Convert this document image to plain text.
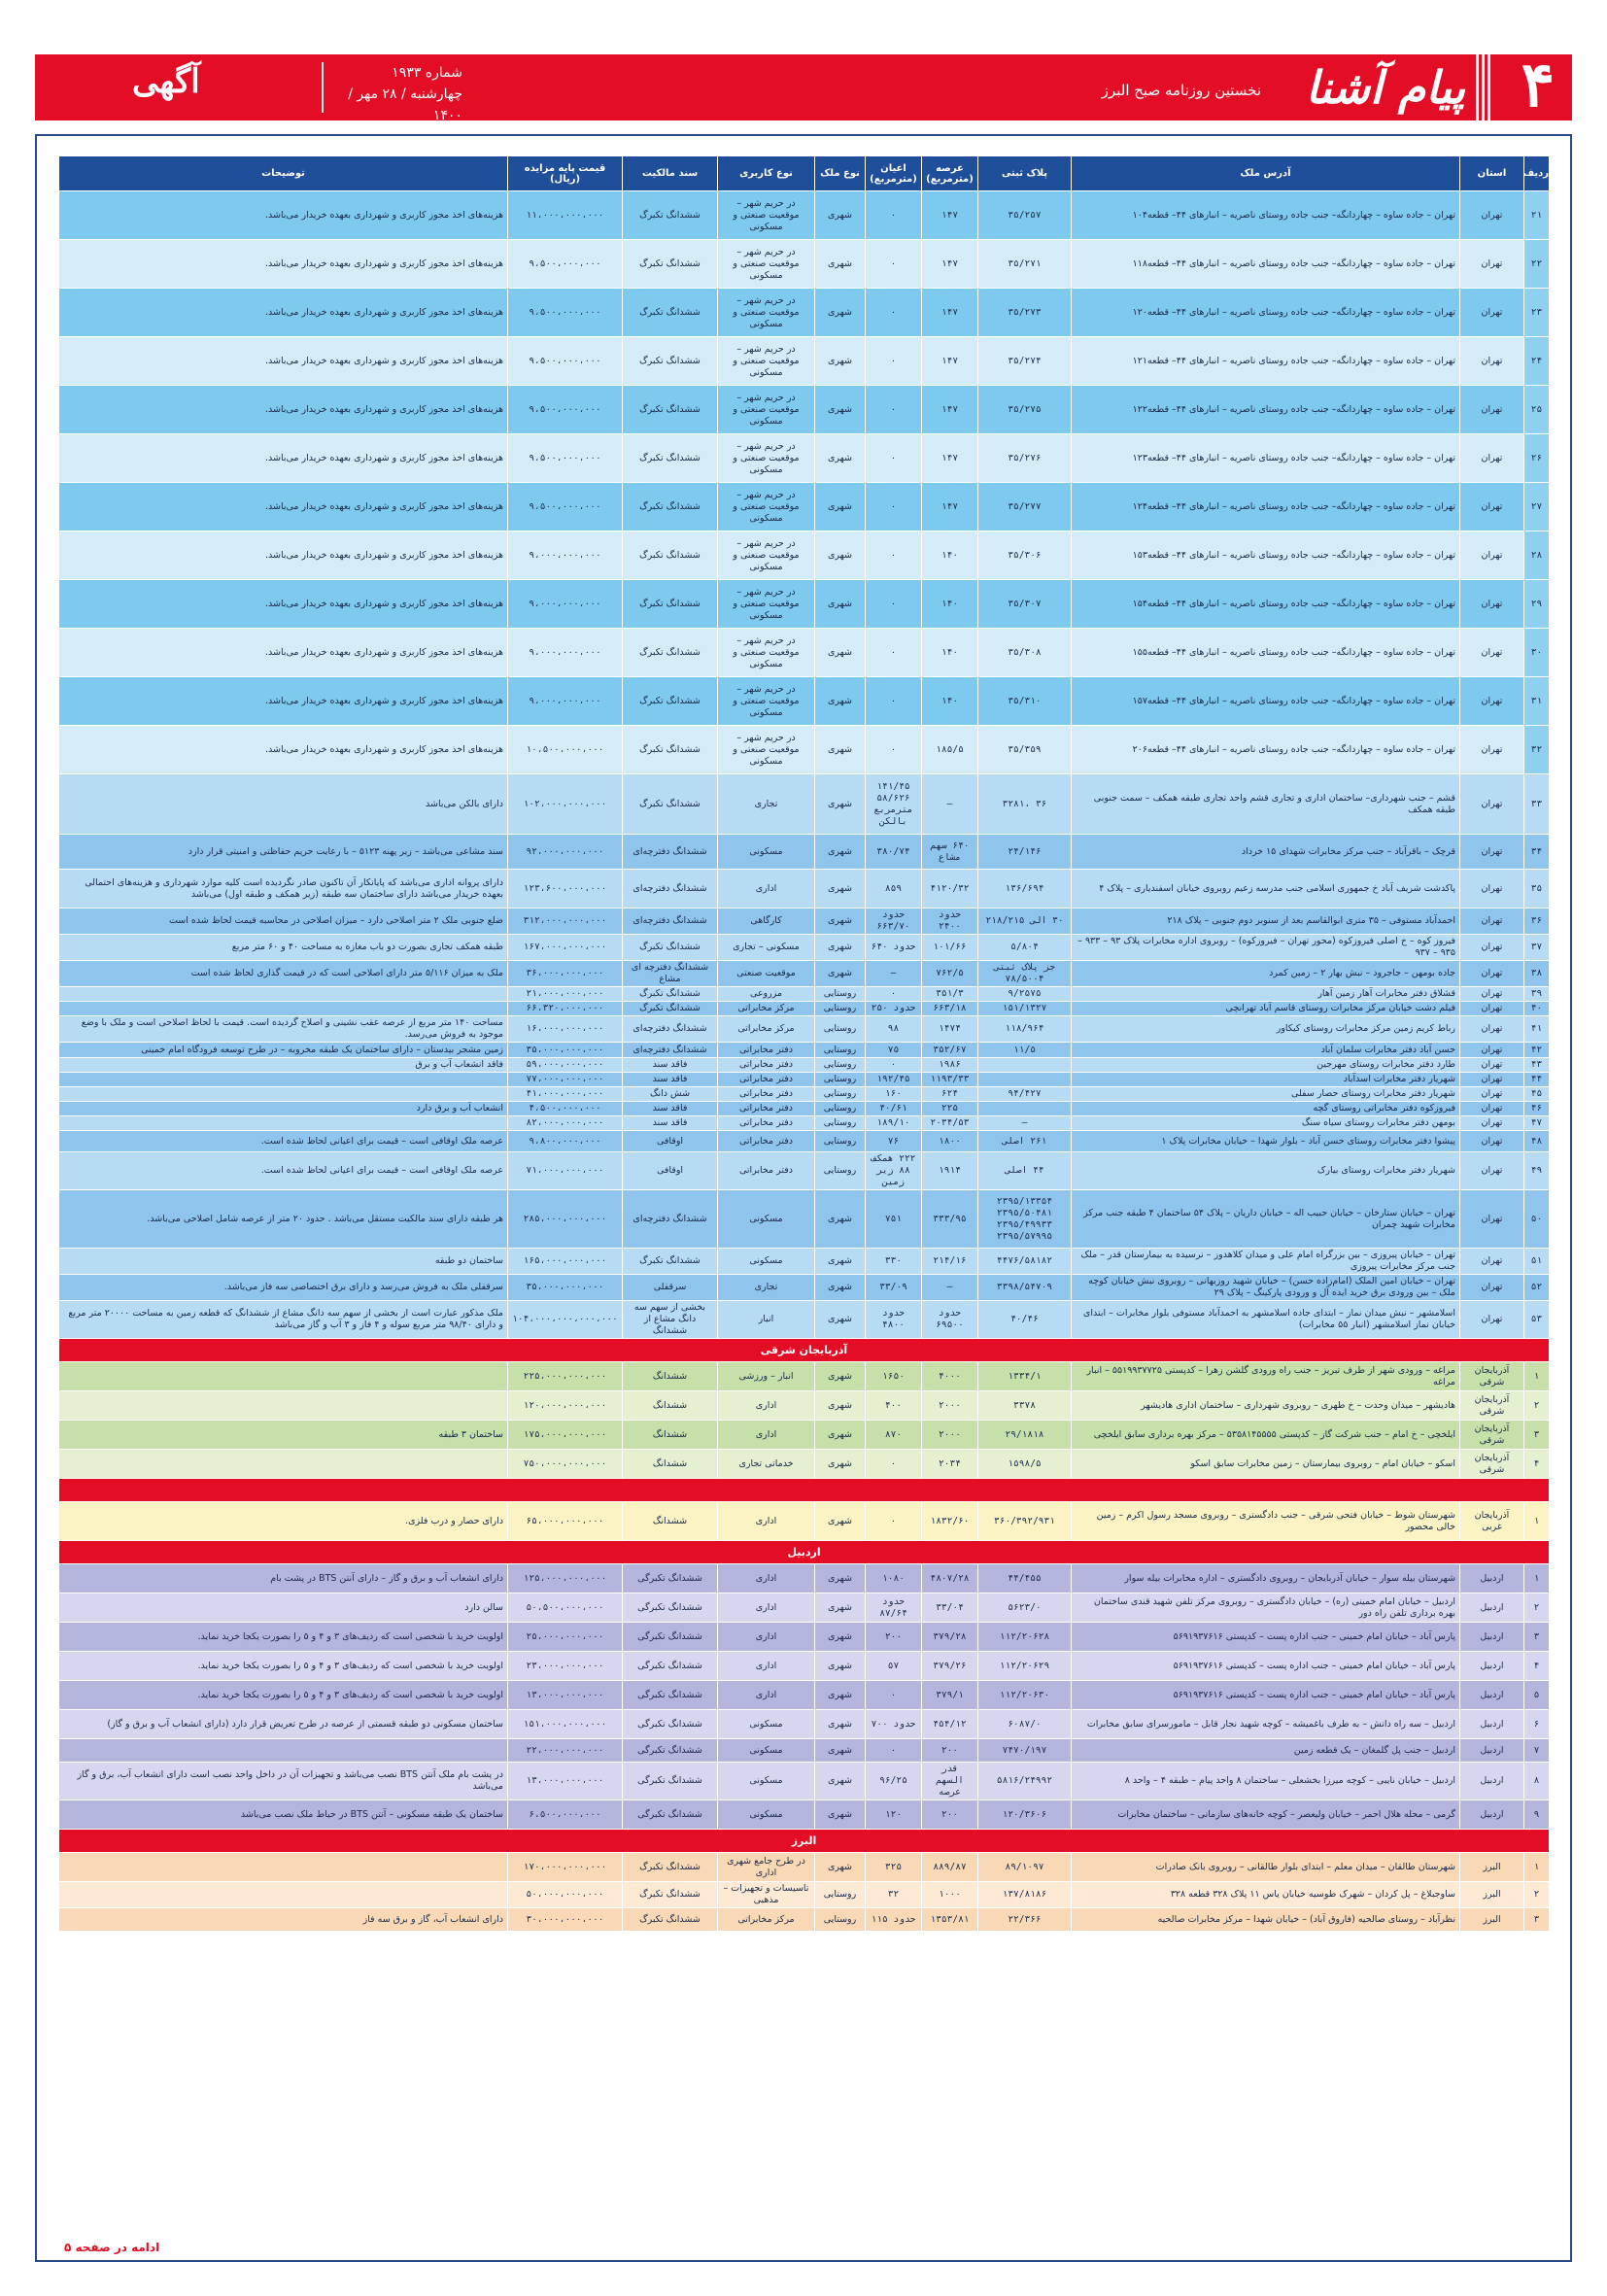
۴
پیام آشنا
نخستین روزنامه صبح البرز
شماره ۱۹۳۳
چهارشنبه / ۲۸ مهر / ۱۴۰۰
آگهی
ردیف	استان	آدرس ملک	پلاک ثبتی	عرصه (مترمربع)	اعیان (مترمربع)	نوع ملک	نوع کاربری	سند مالکیت	قیمت پایه مزایده (ریال)	توضیحات
۲۱	تهران	تهران – جاده ساوه – چهاردانگه– جنب جاده روستای ناصریه – انبارهای ۴۴– قطعه۱۰۴	۳۵/۲۵۷	۱۴۷	۰	شهری	در حریم شهر – موقعیت صنعتی و مسکونی	ششدانگ تکبرگ	۱۱،۰۰۰،۰۰۰،۰۰۰	هزینه‌های اخذ مجوز کاربری و شهرداری بعهده خریدار می‌باشد.
۲۲	تهران	تهران – جاده ساوه – چهاردانگه– جنب جاده روستای ناصریه – انبارهای ۴۴– قطعه۱۱۸	۳۵/۲۷۱	۱۴۷	۰	شهری	در حریم شهر – موقعیت صنعتی و مسکونی	ششدانگ تکبرگ	۹،۵۰۰،۰۰۰،۰۰۰	هزینه‌های اخذ مجوز کاربری و شهرداری بعهده خریدار می‌باشد.
۲۳	تهران	تهران – جاده ساوه – چهاردانگه– جنب جاده روستای ناصریه – انبارهای ۴۴– قطعه۱۲۰	۳۵/۲۷۳	۱۴۷	۰	شهری	در حریم شهر – موقعیت صنعتی و مسکونی	ششدانگ تکبرگ	۹،۵۰۰،۰۰۰،۰۰۰	هزینه‌های اخذ مجوز کاربری و شهرداری بعهده خریدار می‌باشد.
۲۴	تهران	تهران – جاده ساوه – چهاردانگه– جنب جاده روستای ناصریه – انبارهای ۴۴– قطعه۱۲۱	۳۵/۲۷۴	۱۴۷	۰	شهری	در حریم شهر – موقعیت صنعتی و مسکونی	ششدانگ تکبرگ	۹،۵۰۰،۰۰۰،۰۰۰	هزینه‌های اخذ مجوز کاربری و شهرداری بعهده خریدار می‌باشد.
۲۵	تهران	تهران – جاده ساوه – چهاردانگه– جنب جاده روستای ناصریه – انبارهای ۴۴– قطعه۱۲۲	۳۵/۲۷۵	۱۴۷	۰	شهری	در حریم شهر – موقعیت صنعتی و مسکونی	ششدانگ تکبرگ	۹،۵۰۰،۰۰۰،۰۰۰	هزینه‌های اخذ مجوز کاربری و شهرداری بعهده خریدار می‌باشد.
۲۶	تهران	تهران – جاده ساوه – چهاردانگه– جنب جاده روستای ناصریه – انبارهای ۴۴– قطعه۱۲۳	۳۵/۲۷۶	۱۴۷	۰	شهری	در حریم شهر – موقعیت صنعتی و مسکونی	ششدانگ تکبرگ	۹،۵۰۰،۰۰۰،۰۰۰	هزینه‌های اخذ مجوز کاربری و شهرداری بعهده خریدار می‌باشد.
۲۷	تهران	تهران – جاده ساوه – چهاردانگه– جنب جاده روستای ناصریه – انبارهای ۴۴– قطعه۱۲۴	۳۵/۲۷۷	۱۴۷	۰	شهری	در حریم شهر – موقعیت صنعتی و مسکونی	ششدانگ تکبرگ	۹،۵۰۰،۰۰۰،۰۰۰	هزینه‌های اخذ مجوز کاربری و شهرداری بعهده خریدار می‌باشد.
۲۸	تهران	تهران – جاده ساوه – چهاردانگه– جنب جاده روستای ناصریه – انبارهای ۴۴– قطعه۱۵۳	۳۵/۳۰۶	۱۴۰	۰	شهری	در حریم شهر – موقعیت صنعتی و مسکونی	ششدانگ تکبرگ	۹،۰۰۰،۰۰۰،۰۰۰	هزینه‌های اخذ مجوز کاربری و شهرداری بعهده خریدار می‌باشد.
۲۹	تهران	تهران – جاده ساوه – چهاردانگه– جنب جاده روستای ناصریه – انبارهای ۴۴– قطعه۱۵۴	۳۵/۳۰۷	۱۴۰	۰	شهری	در حریم شهر – موقعیت صنعتی و مسکونی	ششدانگ تکبرگ	۹،۰۰۰،۰۰۰،۰۰۰	هزینه‌های اخذ مجوز کاربری و شهرداری بعهده خریدار می‌باشد.
۳۰	تهران	تهران – جاده ساوه – چهاردانگه– جنب جاده روستای ناصریه – انبارهای ۴۴– قطعه۱۵۵	۳۵/۳۰۸	۱۴۰	۰	شهری	در حریم شهر – موقعیت صنعتی و مسکونی	ششدانگ تکبرگ	۹،۰۰۰،۰۰۰،۰۰۰	هزینه‌های اخذ مجوز کاربری و شهرداری بعهده خریدار می‌باشد.
۳۱	تهران	تهران – جاده ساوه – چهاردانگه– جنب جاده روستای ناصریه – انبارهای ۴۴– قطعه۱۵۷	۳۵/۳۱۰	۱۴۰	۰	شهری	در حریم شهر – موقعیت صنعتی و مسکونی	ششدانگ تکبرگ	۹،۰۰۰،۰۰۰،۰۰۰	هزینه‌های اخذ مجوز کاربری و شهرداری بعهده خریدار می‌باشد.
۳۲	تهران	تهران – جاده ساوه – چهاردانگه– جنب جاده روستای ناصریه – انبارهای ۴۴– قطعه۲۰۶	۳۵/۳۵۹	۱۸۵/۵	۰	شهری	در حریم شهر – موقعیت صنعتی و مسکونی	ششدانگ تکبرگ	۱۰،۵۰۰،۰۰۰،۰۰۰	هزینه‌های اخذ مجوز کاربری و شهرداری بعهده خریدار می‌باشد.
۳۳	تهران	قشم – جنب شهرداری– ساختمان اداری و تجاری قشم واحد تجاری طبقه همکف – سمت جنوبی طبقه همکف	۳۶ ،۳۲۸۱	–	۱۴۱/۴۵ ۵۸/۶۲۶ مترمربع بالکن	شهری	تجاری	ششدانگ تکبرگ	۱۰۲،۰۰۰،۰۰۰،۰۰۰	دارای بالکن می‌باشد
۳۴	تهران	قرچک – باقرآباد – جنب مرکز مخابرات شهدای ۱۵ خرداد	۲۴/۱۴۶	۶۴۰ سهم مشاع	۳۸۰/۷۴	شهری	مسکونی	ششدانگ دفترچه‌ای	۹۲،۰۰۰،۰۰۰،۰۰۰	سند مشاعی می‌باشد – زیر پهنه ۵۱۲۳ – با رعایت حریم حفاظتی و امنیتی قرار دارد
۳۵	تهران	پاکدشت شریف آباد خ جمهوری اسلامی جنب مدرسه زعیم روبروی خیابان اسفندیاری – پلاک ۴	۱۳۶/۶۹۴	۴۱۲۰/۳۲	۸۵۹	شهری	اداری	ششدانگ دفترچه‌ای	۱۲۳،۶۰۰،۰۰۰،۰۰۰	دارای پروانه اداری می‌باشد که پایانکار آن تاکنون صادر نگردیده است کلیه موارد شهرداری و هزینه‌های احتمالی بعهده خریدار می‌باشد دارای ساختمان سه طبقه (زیر همکف و طبقه اول) می‌باشد
۳۶	تهران	احمدآباد مستوفی – ۳۵ متری ابوالقاسم بعد از سنوبر دوم جنوبی – پلاک ۲۱۸	۳۰ الی ۲۱۸/۲۱۵	حدود ۲۴۰۰	حدود ۶۶۳/۷۰	شهری	کارگاهی	ششدانگ دفترچه‌ای	۳۱۲،۰۰۰،۰۰۰،۰۰۰	ضلع جنوبی ملک ۲ متر اصلاحی دارد – میزان اصلاحی در محاسبه قیمت لحاظ شده است
۳۷	تهران	فیروز کوه – خ اصلی فیروزکوه (محور تهران – فیروزکوه) – روبروی اداره مخابرات پلاک ۹۳ – ۹۳۳ – ۹۳۵ – ۹۳۷	۵/۸۰۴	۱۰۱/۶۶	حدود ۶۴۰	شهری	مسکونی – تجاری	ششدانگ تکبرگ	۱۶۷،۰۰۰،۰۰۰،۰۰۰	طبقه همکف تجاری بصورت دو باب مغازه به مساحت ۴۰ و ۶۰ متر مربع
۳۸	تهران	جاده بومهن – جاجرود – نبش بهار ۲ – زمین کمرد	جز پلاک ثبتی ۷۸/۵۰۰۴	۷۶۲/۵	–	شهری	موقعیت صنعتی	ششدانگ دفترچه ای مشاع	۳۶،۰۰۰،۰۰۰،۰۰۰	ملک به میزان ۵/۱۱۶ متر دارای اصلاحی است که در قیمت گذاری لحاظ شده است
۳۹	تهران	قشلاق دفتر مخابرات آهار زمین آهار	۹/۲۵۷۵	۳۵۱/۳	۰	روستایی	مزروعی	ششدانگ تکبرگ	۲۱،۰۰۰،۰۰۰،۰۰۰	
۴۰	تهران	فیلم دشت خیابان مرکز مخابرات روستای قاسم آباد تهرانچی	۱۵۱/۱۳۲۷	۶۶۳/۱۸	حدود ۲۵۰	روستایی	مرکز مخابراتی	ششدانگ تکبرگ	۶۶،۳۲۰،۰۰۰،۰۰۰	
۴۱	تهران	رباط کریم زمین مرکز مخابرات روستای کیکاور	۱۱۸/۹۶۴	۱۴۷۴	۹۸	روستایی	مرکز مخابراتی	ششدانگ دفترچه‌ای	۱۶،۰۰۰،۰۰۰،۰۰۰	مساحت ۱۴۰ متر مربع از عرصه عقب نشینی و اصلاح گردیده است. قیمت با لحاظ اصلاحی است و ملک با وضع موجود به فروش می‌رسد.
۴۲	تهران	حسن آباد دفتر مخابرات سلمان آباد	۱۱/۵	۳۵۲/۶۷	۷۵	روستایی	دفتر مخابراتی	ششدانگ دفترچه‌ای	۳۵،۰۰۰،۰۰۰،۰۰۰	زمین مشجر بیدستان – دارای ساختمان یک طبقه مخروبه – در طرح توسعه فرودگاه امام خمینی
۴۳	تهران	طارد دفتر مخابرات روستای مهرجین		۱۹۸۶	۰	روستایی	دفتر مخابراتی	فاقد سند	۵۹،۰۰۰،۰۰۰،۰۰۰	فاقد انشعاب آب و برق
۴۴	تهران	شهریار دفتر مخابرات اسدآباد		۱۱۹۳/۳۳	۱۹۲/۴۵	روستایی	دفتر مخابراتی	فاقد سند	۷۷،۰۰۰،۰۰۰،۰۰۰	
۴۵	تهران	شهریار دفتر مخابرات روستای حصار سفلی	۹۴/۴۲۷	۶۲۴	۱۶۰	روستایی	دفتر مخابراتی	شش دانگ	۴۱،۰۰۰،۰۰۰،۰۰۰	
۴۶	تهران	فیروزکوه دفتر مخابراتی روستای گچه		۲۲۵	۴۰/۶۱	روستایی	دفتر مخابراتی	فاقد سند	۴،۵۰۰،۰۰۰،۰۰۰	انشعاب آب و برق دارد
۴۷	تهران	بومهن دفتر مخابرات روستای سیاه سنگ	–	۲۰۳۴/۵۳	۱۸۹/۱۰	روستایی	دفتر مخابراتی	فاقد سند	۸۲،۰۰۰،۰۰۰،۰۰۰	
۴۸	تهران	پیشوا دفتر مخابرات روستای حسن آباد – بلوار شهدا – خیابان مخابرات پلاک ۱	۲۶۱ اصلی	۱۸۰۰	۷۶	روستایی	دفتر مخابراتی	اوقافی	۹،۸۰۰،۰۰۰،۰۰۰	عرصه ملک اوقافی است – قیمت برای اعیانی لحاظ شده است.
۴۹	تهران	شهریار دفتر مخابرات روستای بیارک	۴۴ اصلی	۱۹۱۴	۲۲۲ همکف ۸۸ زیر زمین	روستایی	دفتر مخابراتی	اوقافی	۷۱،۰۰۰،۰۰۰،۰۰۰	عرصه ملک اوقافی است – قیمت برای اعیانی لحاظ شده است.
۵۰	تهران	تهران – خیابان ستارخان – خیابان حبیب اله – خیابان داریان – پلاک ۵۴ ساختمان ۴ طبقه جنب مرکز مخابرات شهید چمران	۲۳۹۵/۱۳۳۵۴ ۲۳۹۵/۵۰۴۸۱ ۲۳۹۵/۴۹۹۳۳ ۲۳۹۵/۵۷۹۹۵	۳۳۳/۹۵	۷۵۱	شهری	مسکونی	ششدانگ دفترچه‌ای	۲۸۵،۰۰۰،۰۰۰،۰۰۰	هر طبقه دارای سند مالکیت مستقل می‌باشد . حدود ۲۰ متر از عرصه شامل اصلاحی می‌باشد.
۵۱	تهران	تهران – خیابان پیروزی – بین بزرگراه امام علی و میدان کلاهدوز – نرسیده به بیمارستان قدر – ملک جنب مرکز مخابرات پیروزی	۴۴۷۶/۵۸۱۸۲	۲۱۴/۱۶	۳۳۰	شهری	مسکونی	ششدانگ تکبرگ	۱۶۵،۰۰۰،۰۰۰،۰۰۰	ساختمان دو طبقه
۵۲	تهران	تهران – خیابان امین الملک (امام‌زاده حسن) – خیابان شهید روزبهانی – روبروی نبش خیابان کوچه ملک – بین ورودی برق خرید ایده آل و ورودی پارکینگ – پلاک ۲۹	۳۳۹۸/۵۴۷۰۹	–	۳۳/۰۹	شهری	تجاری	سرقفلی	۳۵،۰۰۰،۰۰۰،۰۰۰	سرقفلی ملک به فروش می‌رسد و دارای برق اختصاصی سه فاز می‌باشد.
۵۳	تهران	اسلامشهر – نبش میدان نماز – ابتدای جاده اسلامشهر به احمدآباد مستوفی بلوار مخابرات – ابتدای خیابان نماز اسلامشهر (انبار ۵۵ مخابرات)	۴۰/۴۶	حدود ۶۹۵۰۰	حدود ۴۸۰۰	شهری	انبار	بخشی از سهم سه دانگ مشاع از ششدانگ	۱۰۴،۰۰۰،۰۰۰،۰۰۰،۰۰۰	ملک مذکور عبارت است از بخشی از سهم سه دانگ مشاع از ششدانگ که قطعه زمین به مساحت ۲۰۰۰۰ متر مربع و دارای ۹۸/۴۰ متر مربع سوله و ۴ فاز و ۳ آب و گاز می‌باشد
آذربایجان شرقی										
۱	آذربایجان شرقی	مراغه – ورودی شهر از طرف تبریز – جنب راه ورودی گلشن زهرا – کدپستی ۵۵۱۹۹۳۷۷۲۵ – انبار مراغه	۱۳۳۴/۱	۴۰۰۰	۱۶۵۰	شهری	انبار – ورزشی	ششدانگ	۲۲۵،۰۰۰،۰۰۰،۰۰۰	
۲	آذربایجان شرقی	هادیشهر – میدان وحدت – خ طهری – روبروی شهرداری – ساختمان اداری هادیشهر	۳۳۷۸	۲۰۰۰	۴۰۰	شهری	اداری	ششدانگ	۱۲۰،۰۰۰،۰۰۰،۰۰۰	
۳	آذربایجان شرقی	ایلخچی – خ امام – جنب شرکت گاز – کدپستی ۵۳۵۸۱۴۵۵۵۵ – مرکز بهره برداری سابق ایلخچی	۲۹/۱۸۱۸	۲۰۰۰	۸۷۰	شهری	اداری	ششدانگ	۱۷۵،۰۰۰،۰۰۰،۰۰۰	ساختمان ۳ طبقه
۴	آذربایجان شرقی	اسکو – خیابان امام – روبروی بیمارستان – زمین مخابرات سابق اسکو	۱۵۹۸/۵	۲۰۳۴	۰	شهری	خدماتی تجاری	ششدانگ	۷۵۰،۰۰۰،۰۰۰،۰۰۰	

۱	آذربایجان غربی	شهرستان شوط – خیابان فتحی شرقی – جنب دادگستری – روبروی مسجد رسول اکرم – زمین خالی محصور	۳۶۰/۳۹۲/۹۳۱	۱۸۳۲/۶۰	۰	شهری	اداری	ششدانگ	۶۵،۰۰۰،۰۰۰،۰۰۰	دارای حصار و درب فلزی.
اردبیل										
۱	اردبیل	شهرستان بیله سوار – خیابان آذربایجان – روبروی دادگستری – اداره مخابرات بیله سوار	۴۴/۴۵۵	۴۸۰۷/۲۸	۱۰۸۰	شهری	اداری	ششدانگ تکبرگی	۱۲۵،۰۰۰،۰۰۰،۰۰۰	دارای انشعاب آب و برق و گاز – دارای آنتن BTS در پشت بام
۲	اردبیل	اردبیل – خیابان امام خمینی (ره) – خیابان دادگستری – روبروی مرکز تلفن شهید قندی ساختمان بهره برداری تلفن راه دور	۵۶۲۳/۰	۳۳/۰۴	حدود ۸۷/۶۴	شهری	اداری	ششدانگ تکبرگی	۵۰،۵۰۰،۰۰۰،۰۰۰	سالن دارد
۳	اردبیل	پارس آباد – خیابان امام خمینی – جنب اداره پست – کدپستی ۵۶۹۱۹۳۷۶۱۶	۱۱۲/۲۰۶۲۸	۳۷۹/۲۸	۲۰۰	شهری	اداری	ششدانگ تکبرگی	۲۵،۰۰۰،۰۰۰،۰۰۰	اولویت خرید با شخصی است که ردیف‌های ۳ و ۴ و ۵ را بصورت یکجا خرید نماید.
۴	اردبیل	پارس آباد – خیابان امام خمینی – جنب اداره پست – کدپستی ۵۶۹۱۹۳۷۶۱۶	۱۱۲/۲۰۶۲۹	۳۷۹/۲۶	۵۷	شهری	اداری	ششدانگ تکبرگی	۲۳،۰۰۰،۰۰۰،۰۰۰	اولویت خرید با شخصی است که ردیف‌های ۳ و ۴ و ۵ را بصورت یکجا خرید نماید.
۵	اردبیل	پارس آباد – خیابان امام خمینی – جنب اداره پست – کدپستی ۵۶۹۱۹۳۷۶۱۶	۱۱۲/۲۰۶۳۰	۳۷۹/۱	۰	شهری	اداری	ششدانگ تکبرگی	۱۳،۰۰۰،۰۰۰،۰۰۰	اولویت خرید با شخصی است که ردیف‌های ۳ و ۴ و ۵ را بصورت یکجا خرید نماید.
۶	اردبیل	اردبیل – سه راه دانش – به طرف باغمیشه – کوچه شهید نجار قابل – مامورسرای سابق مخابرات	۶۰۸۷/۰	۴۵۴/۱۲	حدود ۷۰۰	شهری	مسکونی	ششدانگ تکبرگی	۱۵۱،۰۰۰،۰۰۰،۰۰۰	ساختمان مسکونی دو طبقه قسمتی از عرصه در طرح تعریض قرار دارد (دارای انشعاب آب و برق و گاز)
۷	اردبیل	اردبیل – جنب پل گلمغان – یک قطعه زمین	۷۴۷۰/۱۹۷	۲۰۰	۰	شهری	مسکونی	ششدانگ تکبرگی	۲۲،۰۰۰،۰۰۰،۰۰۰	
۸	اردبیل	اردبیل – خیابان نایبی – کوچه میرزا بخشعلی – ساختمان ۸ واحد پیام – طبقه ۴ – واحد ۸	۵۸۱۶/۲۴۹۹۲	قدر السهم عرصه	۹۶/۲۵	شهری	مسکونی	ششدانگ تکبرگی	۱۳،۰۰۰،۰۰۰،۰۰۰	در پشت بام ملک آنتن BTS نصب می‌باشد و تجهیزات آن در داخل واحد نصب است دارای انشعاب آب، برق و گاز می‌باشد
۹	اردبیل	گرمی – محله هلال احمر – خیابان ولیعصر – کوچه خانه‌های سازمانی – ساختمان مخابرات	۱۲۰/۳۶۰۶	۲۰۰	۱۲۰	شهری	مسکونی	ششدانگ تکبرگی	۶،۵۰۰،۰۰۰،۰۰۰	ساختمان یک طبقه مسکونی – آنتن BTS در حیاط ملک نصب می‌باشد
البرز										
۱	البرز	شهرستان طالقان – میدان معلم – ابتدای بلوار طالقانی – روبروی بانک صادرات	۸۹/۱۰۹۷	۸۸۹/۸۷	۳۲۵	شهری	در طرح جامع شهری اداری	ششدانگ تکبرگ	۱۷۰،۰۰۰،۰۰۰،۰۰۰	
۲	البرز	ساوجبلاغ – پل کردان – شهرک طوسیه خیابان یاس ۱۱ پلاک ۳۲۸ قطعه ۳۲۸	۱۳۷/۸۱۸۶	۱۰۰۰	۳۲	روستایی	تاسیسات و تجهیزات – مذهبی	ششدانگ تکبرگ	۵۰،۰۰۰،۰۰۰،۰۰۰	
۳	البرز	نظرآباد – روستای صالحیه (فاروق آباد) – خیابان شهدا – مرکز مخابرات صالحیه	۲۲/۳۶۶	۱۳۵۳/۸۱	حدود ۱۱۵	روستایی	مرکز مخابراتی	ششدانگ تکبرگ	۳۰،۰۰۰،۰۰۰،۰۰۰	دارای انشعاب آب، گاز و برق سه فاز
ادامه در صفحه ۵
